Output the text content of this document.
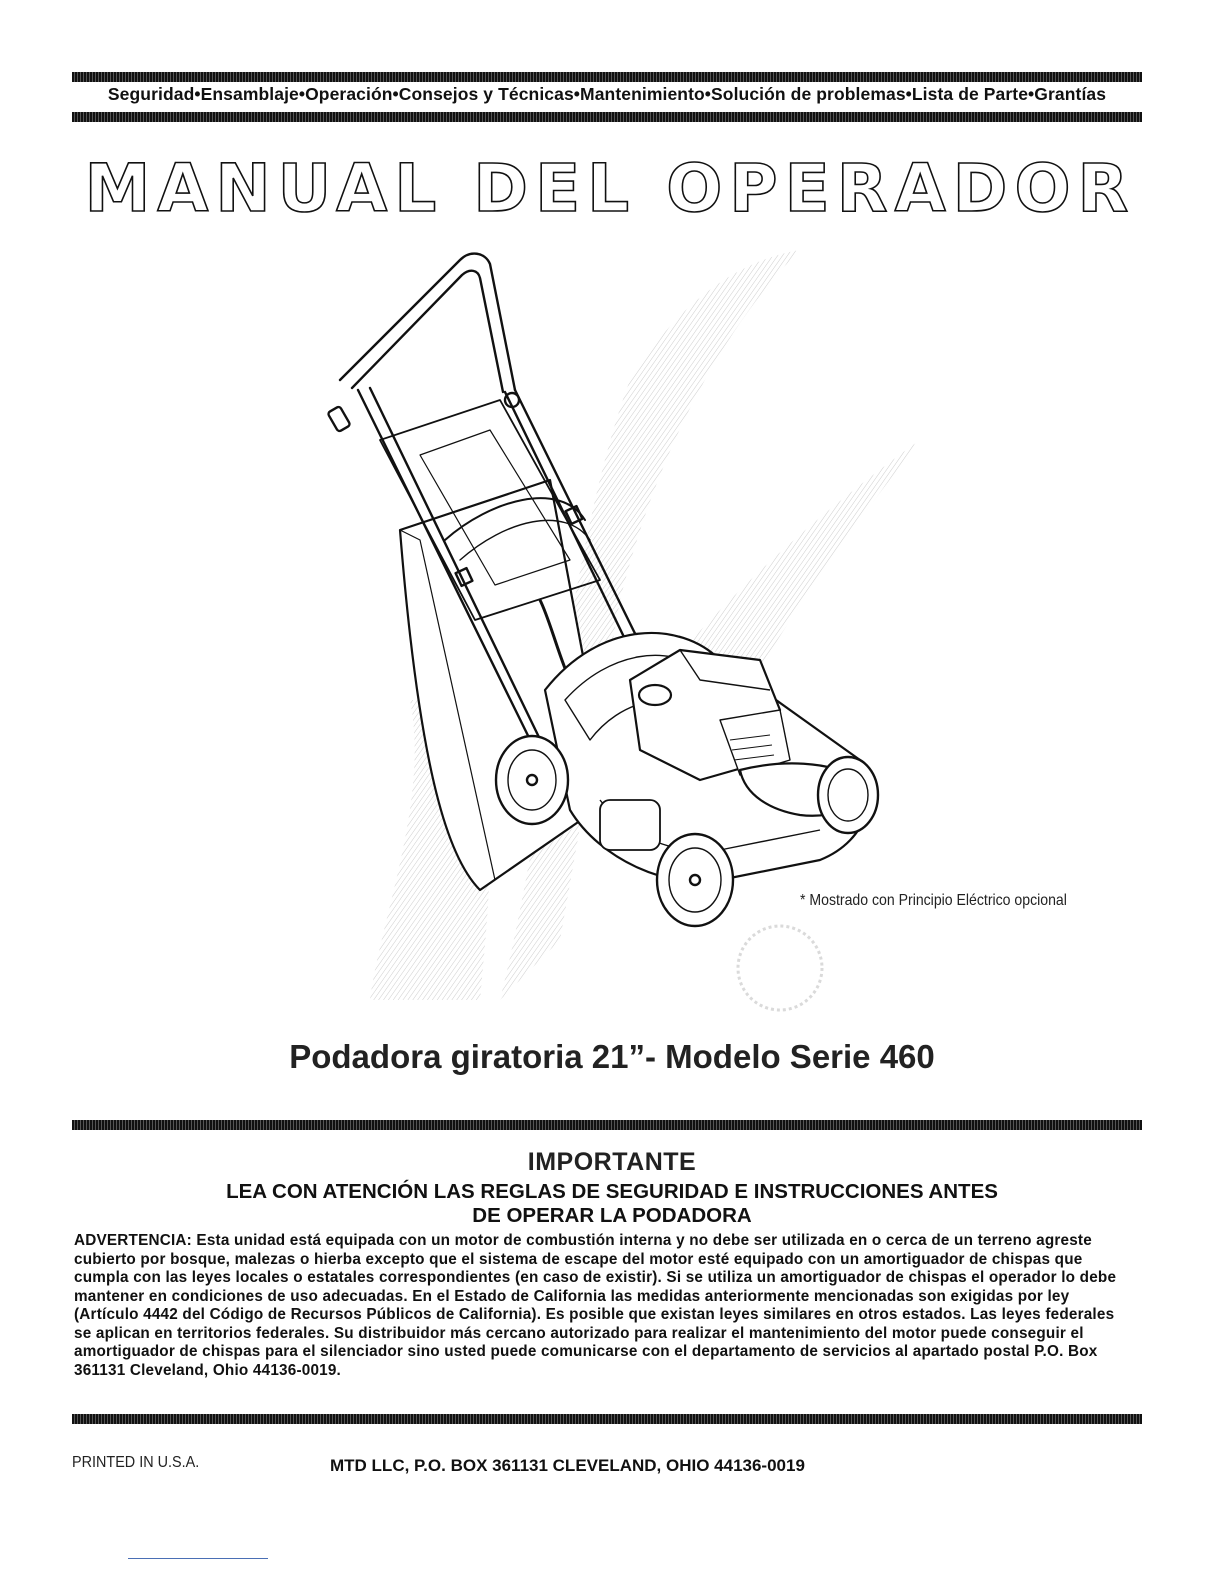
Seguridad•Ensamblaje•Operación•Consejos y Técnicas•Mantenimiento•Solución de problemas•Lista de Parte•Grantías
MANUAL DEL OPERADOR
* Mostrado con Principio Eléctrico opcional
Podadora giratoria 21”- Modelo Serie 460
IMPORTANTE
LEA CON ATENCIÓN LAS REGLAS DE SEGURIDAD E INSTRUCCIONES ANTES
DE OPERAR LA PODADORA
ADVERTENCIA: Esta unidad está equipada con un motor de combustión interna y no debe ser utilizada en o cerca de un terreno agreste cubierto por bosque, malezas o hierba excepto que el sistema de escape del motor esté equipado con un amortiguador de chispas que cumpla con las leyes locales o estatales correspondientes (en caso de existir). Si se utiliza un amortiguador de chispas el operador lo debe mantener en condiciones de uso adecuadas. En el Estado de California las medidas anteriormente mencionadas son exigidas por ley (Artículo 4442 del Código de Recursos Públicos de California). Es posible que existan leyes similares en otros estados. Las leyes federales se aplican en territorios federales. Su distribuidor más cercano autorizado para realizar el mantenimiento del motor puede conseguir el amortiguador de chispas para el silenciador sino usted puede comunicarse con el departamento de servicios al apartado postal P.O. Box 361131 Cleveland, Ohio 44136-0019.
PRINTED IN U.S.A.	MTD LLC, P.O. BOX 361131 CLEVELAND, OHIO 44136-0019
